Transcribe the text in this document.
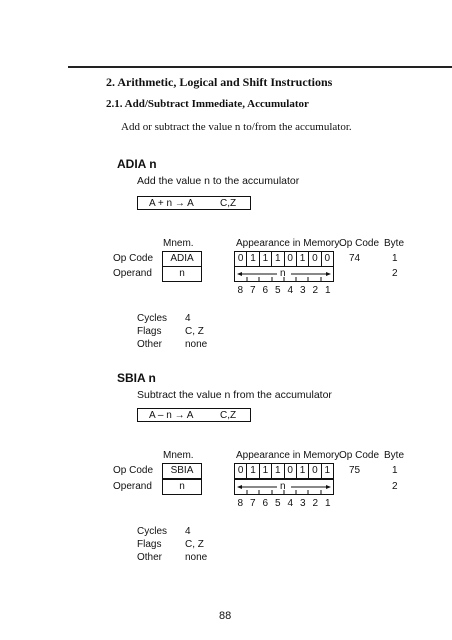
2. Arithmetic, Logical and Shift Instructions
2.1. Add/Subtract Immediate, Accumulator
Add or subtract the value n to/from the accumulator.
ADIA n
Add the value n to the accumulator
A + n → A	C,Z
Mnem.	Appearance in Memory Op Code Byte
Op Code	ADIA	0 1 1 1 0 1 0 0 74	1
Operand	n	n	2
8 7 6 5 4 3 2 1
Cycles 4
Flags C, Z
Other none
SBIA n
Subtract the value n from the accumulator
A – n → A	C,Z
Mnem.	Appearance in Memory Op Code Byte
Op Code	SBIA	0 1 1 1 0 1 0 1 75	1
Operand	n	n	2
8 7 6 5 4 3 2 1
Cycles 4
Flags C, Z
Other none
88
